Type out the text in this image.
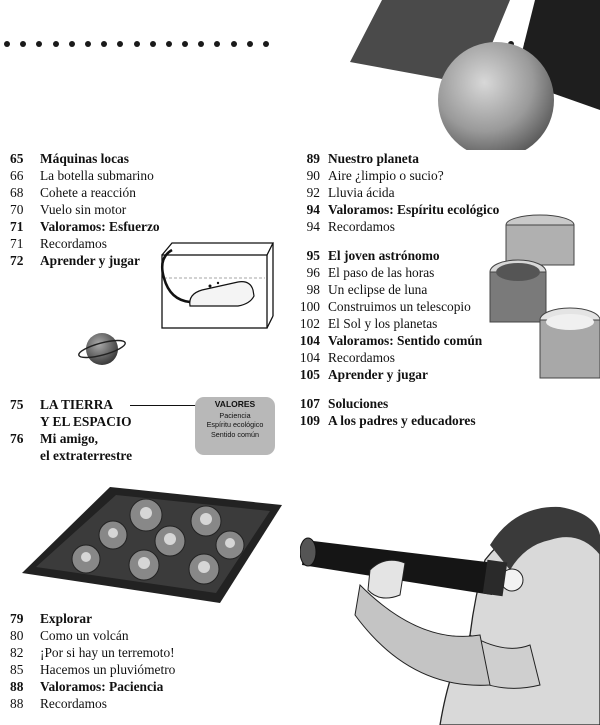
65	Máquinas locas
66	La botella submarino
68	Cohete a reacción
70	Vuelo sin motor
71	Valoramos: Esfuerzo
71	Recordamos
72	Aprender y jugar
89 Nuestro planeta
90 Aire ¿limpio o sucio?
92 Lluvia ácida
94 Valoramos: Espíritu ecológico
94 Recordamos
95 El joven astrónomo
96 El paso de las horas
98 Un eclipse de luna
100 Construimos un telescopio
102 El Sol y los planetas
104 Valoramos: Sentido común
104 Recordamos
105 Aprender y jugar
107 Soluciones
109 A los padres y educadores
75	LA TIERRA
Y EL ESPACIO
76	Mi amigo,
el extraterrestre
VALORES
Paciencia
Espíritu ecológico
Sentido común
79	Explorar
80	Como un volcán
82	¡Por si hay un terremoto!
85	Hacemos un pluviómetro
88	Valoramos: Paciencia
88	Recordamos
